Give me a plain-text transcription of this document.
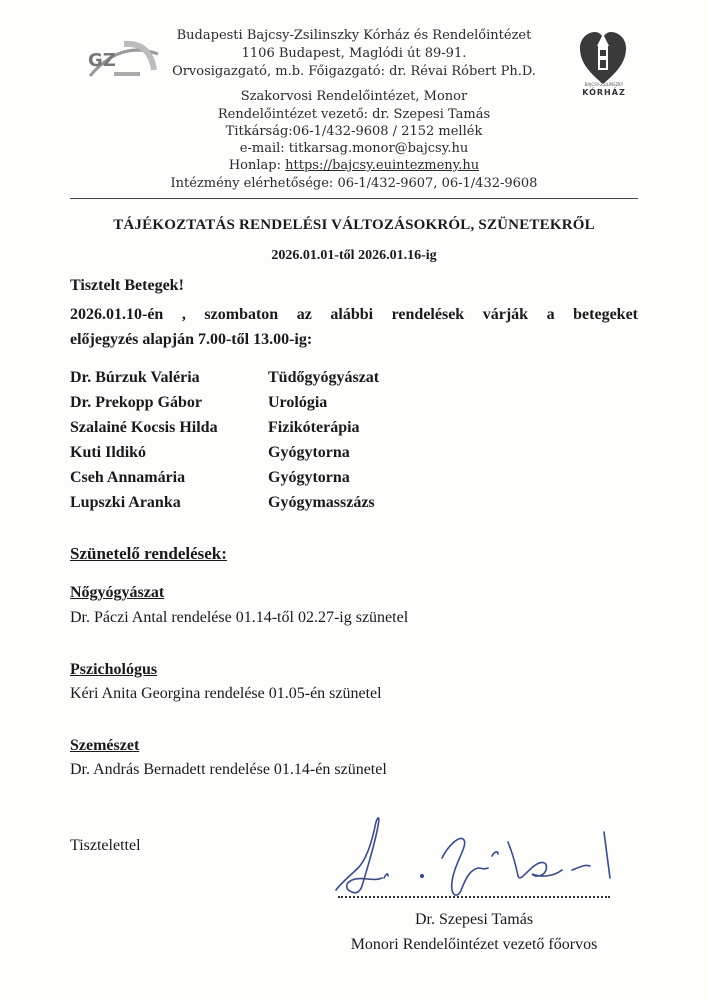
GZ
BAJCSY-ZSILINSZKY
KÓRHÁZ
Budapesti Bajcsy-Zsilinszky Kórház és Rendelőintézet
1106 Budapest, Maglódi út 89-91.
Orvosigazgató, m.b. Főigazgató: dr. Révai Róbert Ph.D.
Szakorvosi Rendelőintézet, Monor
Rendelőintézet vezető: dr. Szepesi Tamás
Titkárság:06-1/432-9608 / 2152 mellék
e-mail: titkarsag.monor@bajcsy.hu
Honlap: https://bajcsy.euintezmeny.hu
Intézmény elérhetősége: 06-1/432-9607, 06-1/432-9608
TÁJÉKOZTATÁS RENDELÉSI VÁLTOZÁSOKRÓL, SZÜNETEKRŐL
2026.01.01-től 2026.01.16-ig
Tisztelt Betegek!
2026.01.10-én , szombaton az alábbi rendelések várják a betegeket
előjegyzés alapján 7.00-től 13.00-ig:
Dr. Búrzuk Valéria	Tüdőgyógyászat
Dr. Prekopp Gábor	Urológia
Szalainé Kocsis Hilda	Fizikóterápia
Kuti Ildikó	Gyógytorna
Cseh Annamária	Gyógytorna
Lupszki Aranka	Gyógymasszázs
Szünetelő rendelések:
Nőgyógyászat
Dr. Páczi Antal rendelése 01.14-től 02.27-ig szünetel
Pszichológus
Kéri Anita Georgina rendelése 01.05-én szünetel
Szemészet
Dr. András Bernadett rendelése 01.14-én szünetel
Tisztelettel
Dr. Szepesi Tamás
Monori Rendelőintézet vezető főorvos
